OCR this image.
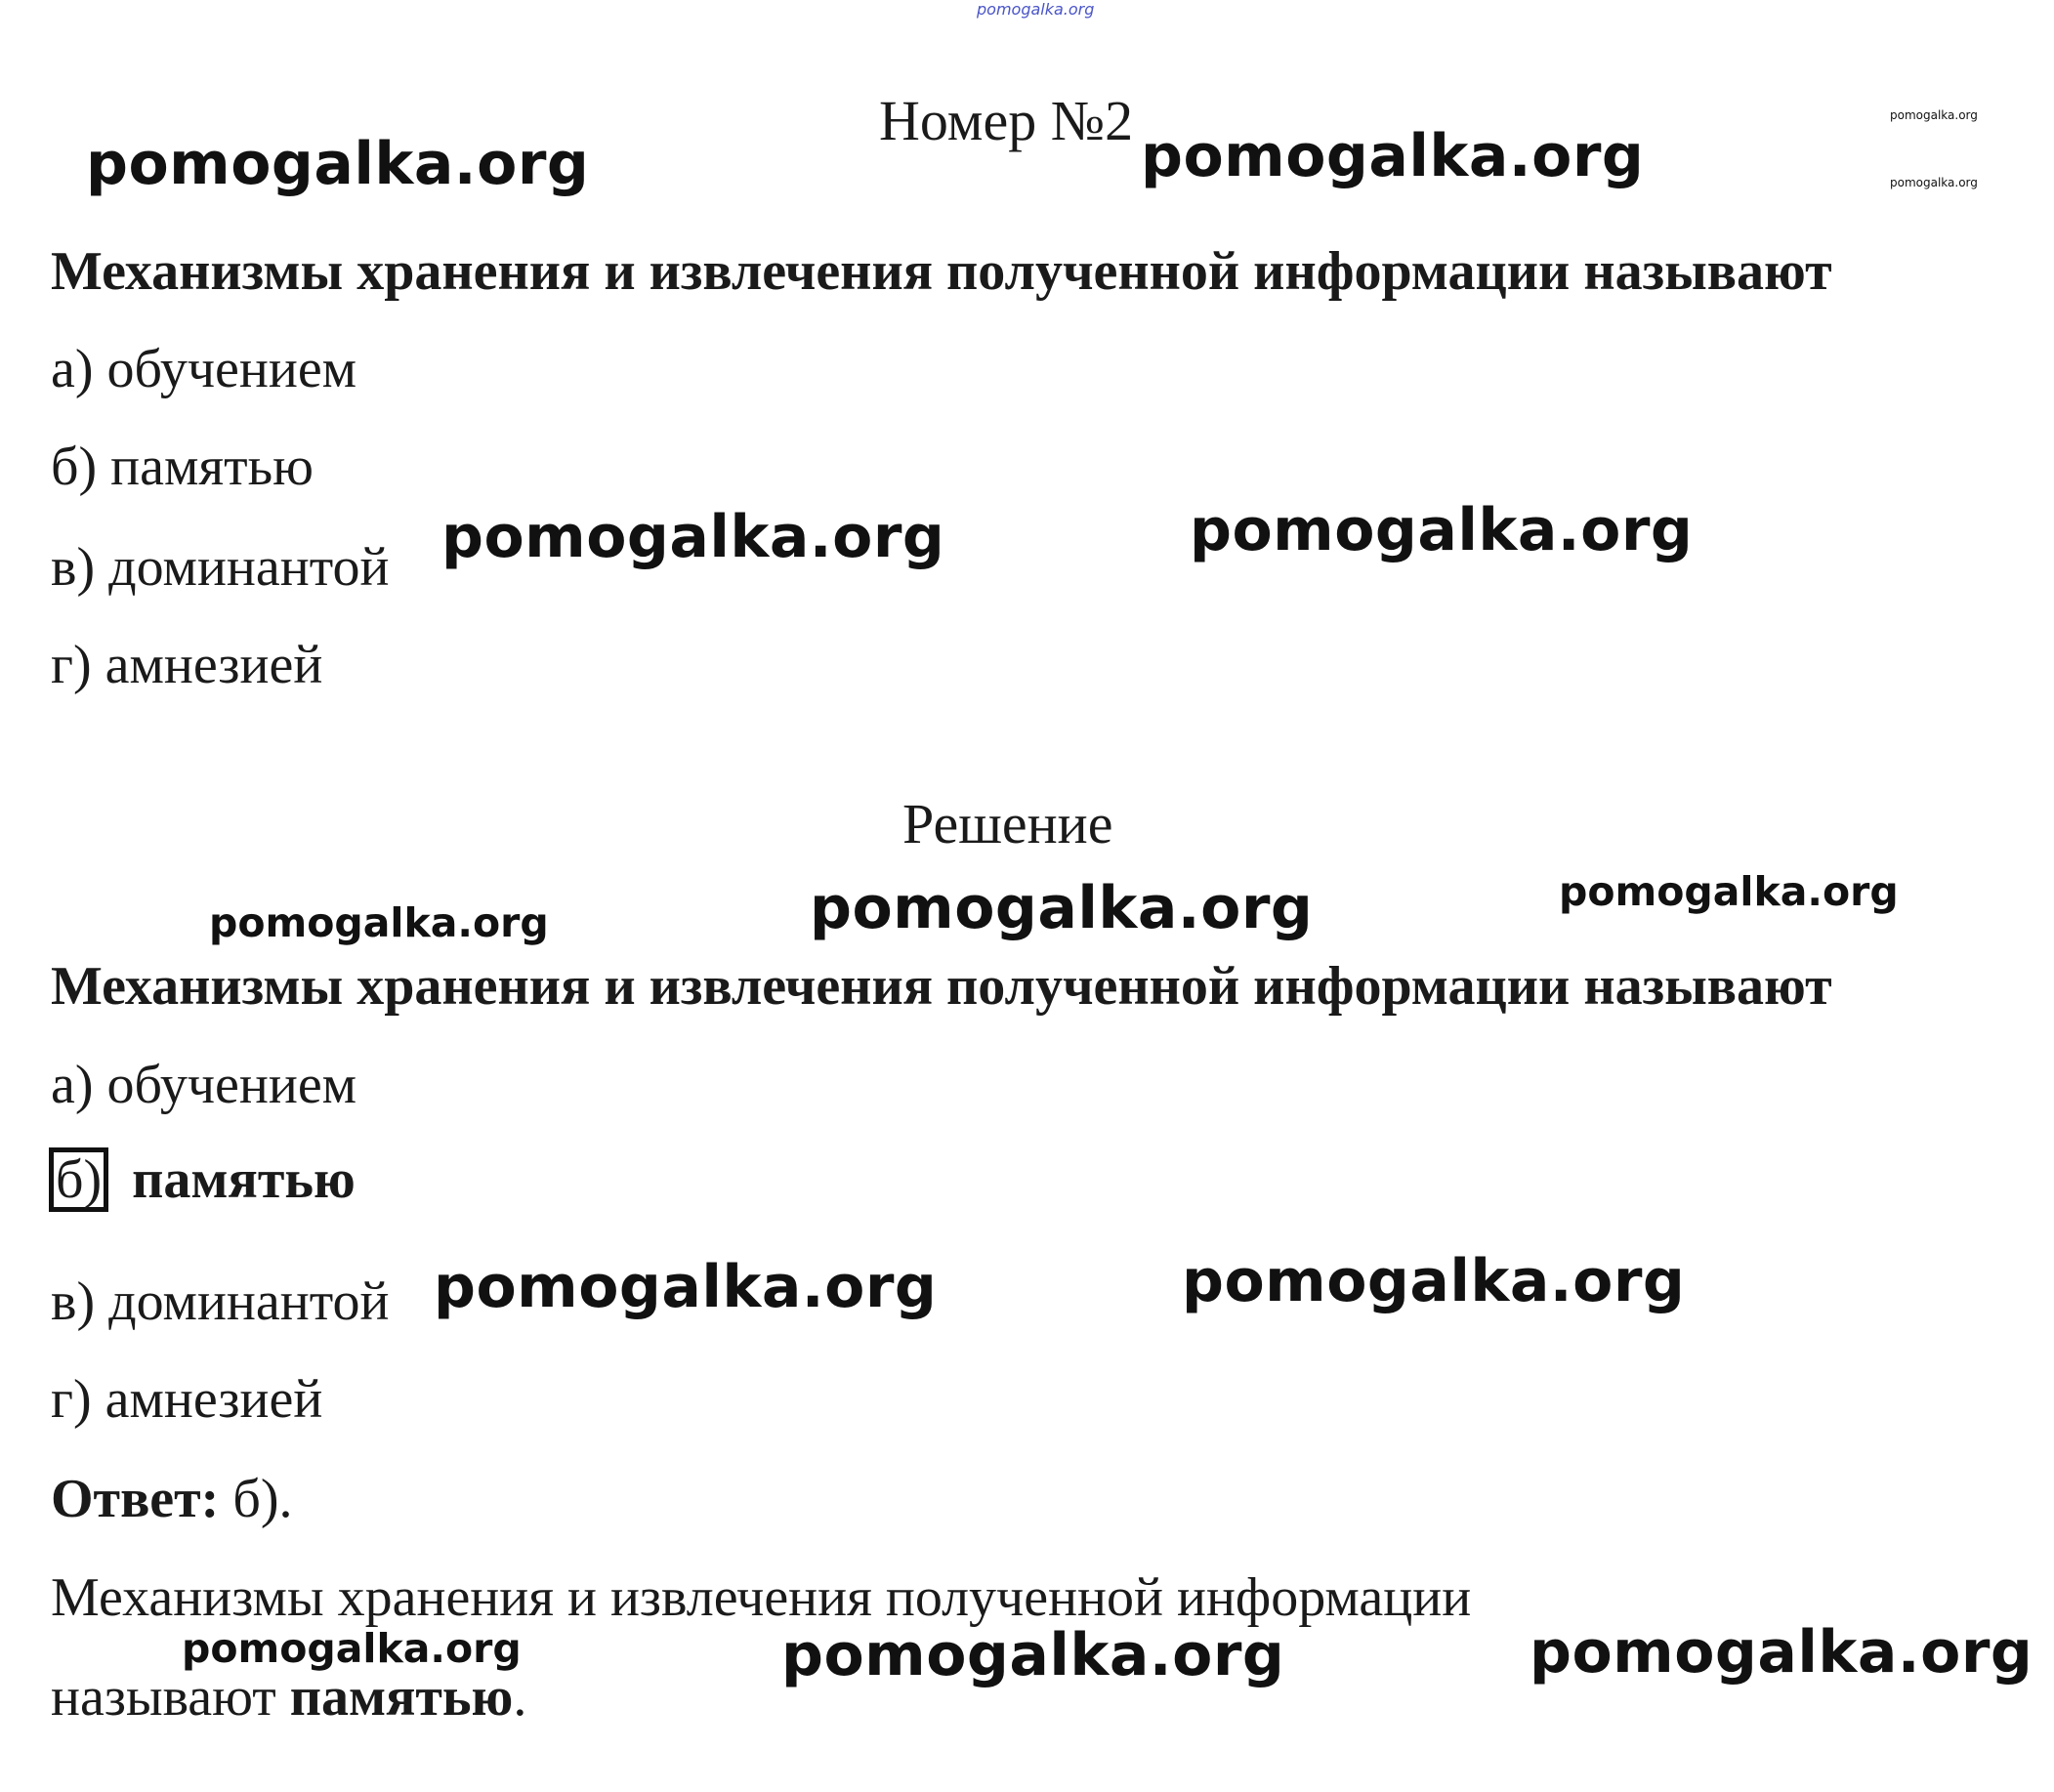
pomogalka.org
Номер №2
pomogalka.org	pomogalka.org
pomogalka.org
pomogalka.org
Механизмы хранения и извлечения полученной информации называют
а) обучением
б) памятью
в) доминантой
г) амнезией
pomogalka.org	pomogalka.org
Решение
pomogalka.org	pomogalka.org	pomogalka.org
Механизмы хранения и извлечения полученной информации называют
а) обучением
б) памятью
в) доминантой
г) амнезией
pomogalka.org	pomogalka.org
Ответ: б).
Механизмы хранения и извлечения полученной информации
называют памятью.
pomogalka.org	pomogalka.org	pomogalka.org
